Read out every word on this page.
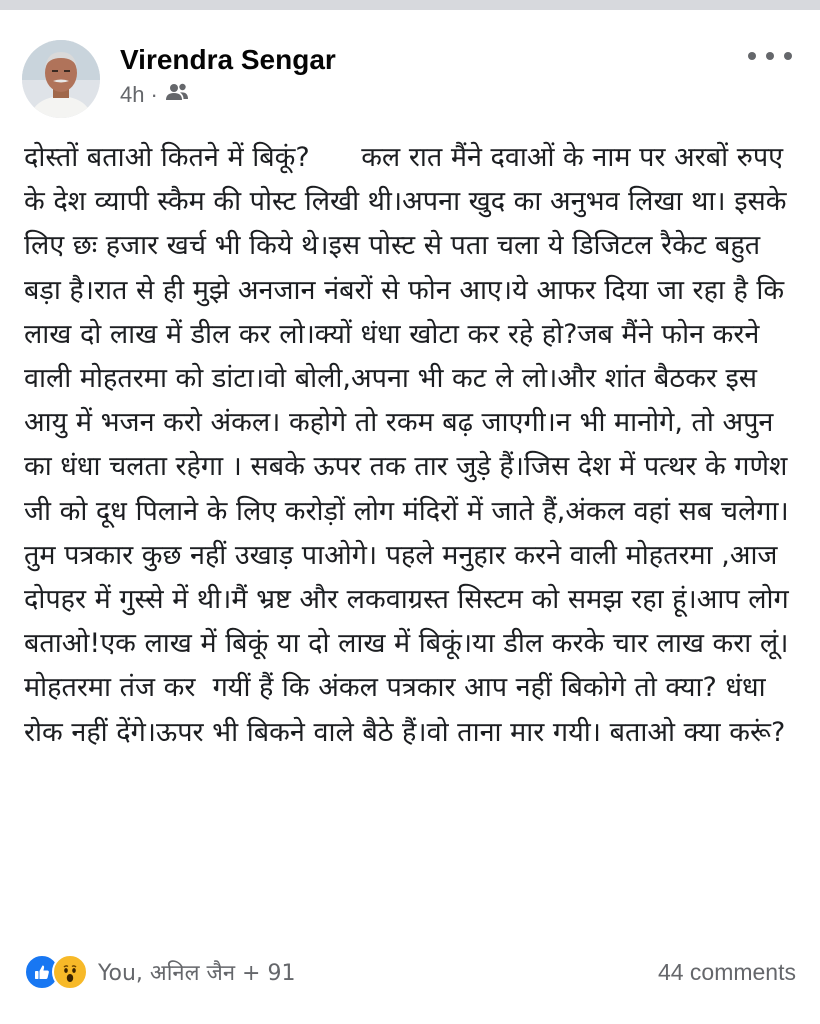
Virendra Sengar
4h ·
दोस्तों बताओ कितने में बिकूं?      कल रात मैंने दवाओं के नाम पर अरबों रुपए के देश व्यापी स्कैम की पोस्ट लिखी थी।अपना खुद का अनुभव लिखा था। इसके लिए छः हजार खर्च भी किये थे।इस पोस्ट से पता चला ये डिजिटल रैकेट बहुत बड़ा है।रात से ही मुझे अनजान नंबरों से फोन आए।ये आफर दिया जा रहा है कि लाख दो लाख में डील कर लो।क्यों धंधा खोटा कर रहे हो?जब मैंने फोन करने वाली मोहतरमा को डांटा।वो बोली,अपना भी कट ले लो।और शांत बैठकर इस आयु में भजन करो अंकल। कहोगे तो रकम बढ़ जाएगी।न भी मानोगे, तो अपुन का धंधा चलता रहेगा । सबके ऊपर तक तार जुड़े हैं।जिस देश में पत्थर के गणेश जी को दूध पिलाने के लिए करोड़ों लोग मंदिरों में जाते हैं,अंकल वहां सब चलेगा।तुम पत्रकार कुछ नहीं उखाड़ पाओगे। पहले मनुहार करने वाली मोहतरमा ,आज दोपहर में गुस्से में थी।मैं भ्रष्ट और लकवाग्रस्त सिस्टम को समझ रहा हूं।आप लोग बताओ!एक लाख में बिकूं या दो लाख में बिकूं।या डील करके चार लाख करा लूं। मोहतरमा तंज कर  गयीं हैं कि अंकल पत्रकार आप नहीं बिकोगे तो क्या? धंधा रोक नहीं देंगे।ऊपर भी बिकने वाले बैठे हैं।वो ताना मार गयी। बताओ क्या करूं?
You, अनिल जैन + 91	44 comments
